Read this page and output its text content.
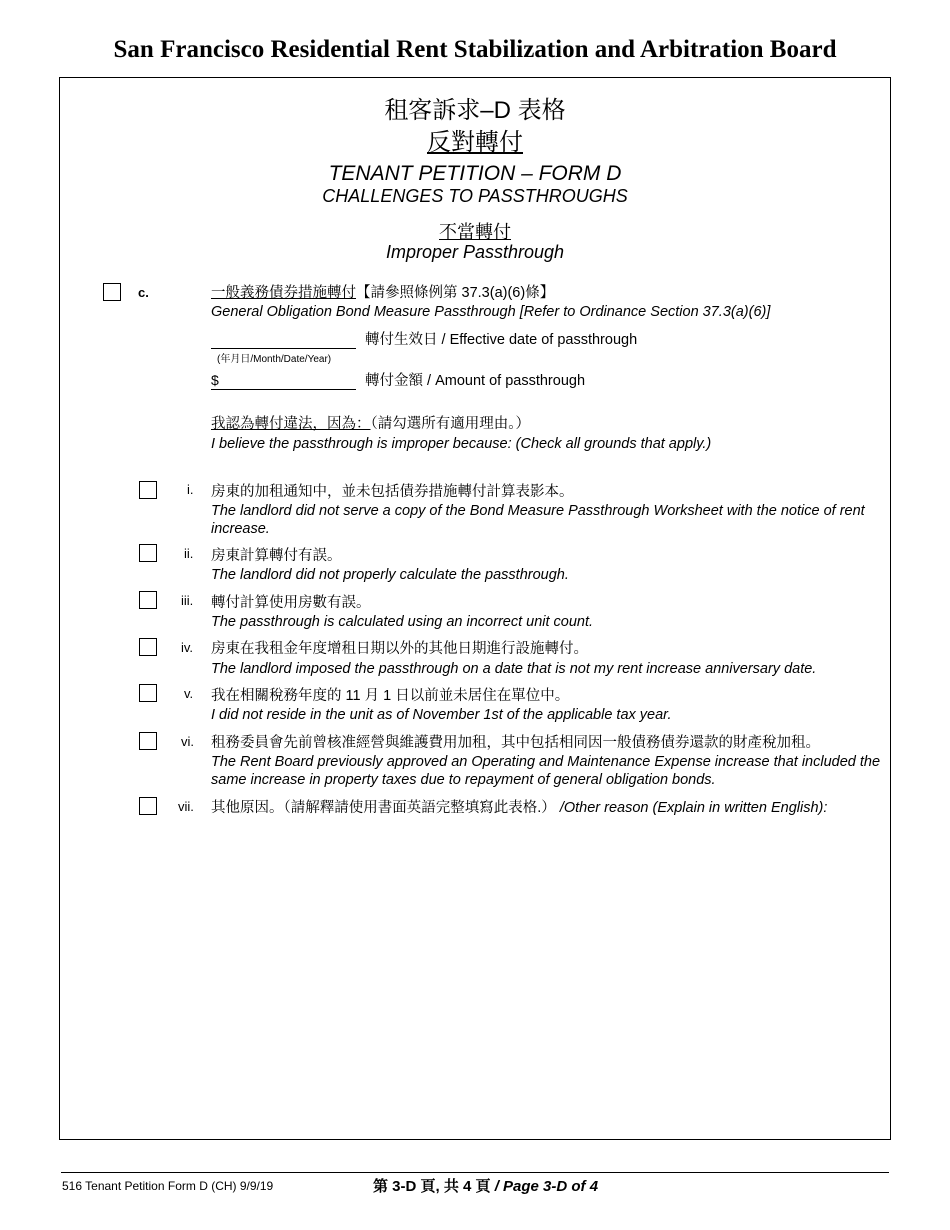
San Francisco Residential Rent Stabilization and Arbitration Board
租客訴求–D 表格
反對轉付
TENANT PETITION – FORM D
CHALLENGES TO PASSTHROUGHS
不當轉付
Improper Passthrough
c.	一般義務債券措施轉付【請參照條例第 37.3(a)(6)條】
General Obligation Bond Measure Passthrough [Refer to Ordinance Section 37.3(a)(6)]
轉付生效日 / Effective date of passthrough
(年月日/Month/Date/Year)
$	轉付金額 / Amount of passthrough
我認為轉付違法，因為：（請勾選所有適用理由。）
I believe the passthrough is improper because: (Check all grounds that apply.)
i. 房東的加租通知中，並未包括債券措施轉付計算表影本。
The landlord did not serve a copy of the Bond Measure Passthrough Worksheet with the notice of rent increase.
ii. 房東計算轉付有誤。
The landlord did not properly calculate the passthrough.
iii. 轉付計算使用房數有誤。
The passthrough is calculated using an incorrect unit count.
iv. 房東在我租金年度增租日期以外的其他日期進行設施轉付。
The landlord imposed the passthrough on a date that is not my rent increase anniversary date.
v. 我在相關稅務年度的 11 月 1 日以前並未居住在單位中。
I did not reside in the unit as of November 1st of the applicable tax year.
vi. 租務委員會先前曾核准經營與維護費用加租，其中包括相同因一般債務債券還款的財產稅加租。
The Rent Board previously approved an Operating and Maintenance Expense increase that included the same increase in property taxes due to repayment of general obligation bonds.
vii. 其他原因。（請解釋請使用書面英語完整填寫此表格.） /Other reason (Explain in written English):
516 Tenant Petition Form D (CH) 9/9/19	第 3-D 頁, 共 4 頁 / Page 3-D of 4
